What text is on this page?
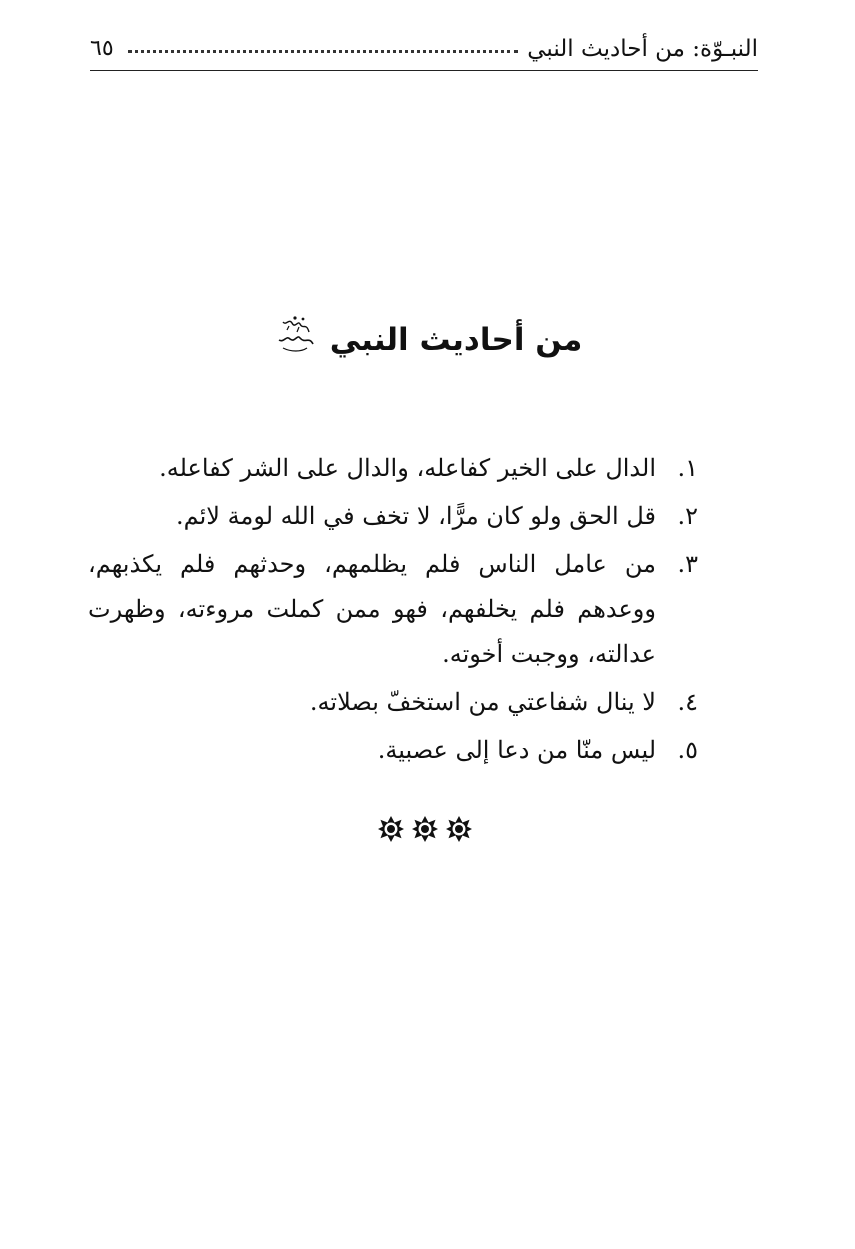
النبـوّة: من أحاديث النبي
٦٥
من أحاديث النبي
١.
الدال على الخير كفاعله، والدال على الشر كفاعله.
٢.
قل الحق ولو كان مرًّا، لا تخف في الله لومة لائم.
٣.
من عامل الناس فلم يظلمهم، وحدثهم فلم يكذبهم، ووعدهم فلم يخلفهم، فهو ممن كملت مروءته، وظهرت عدالته، ووجبت أخوته.
٤.
لا ينال شفاعتي من استخفّ بصلاته.
٥.
ليس منّا من دعا إلى عصبية.
